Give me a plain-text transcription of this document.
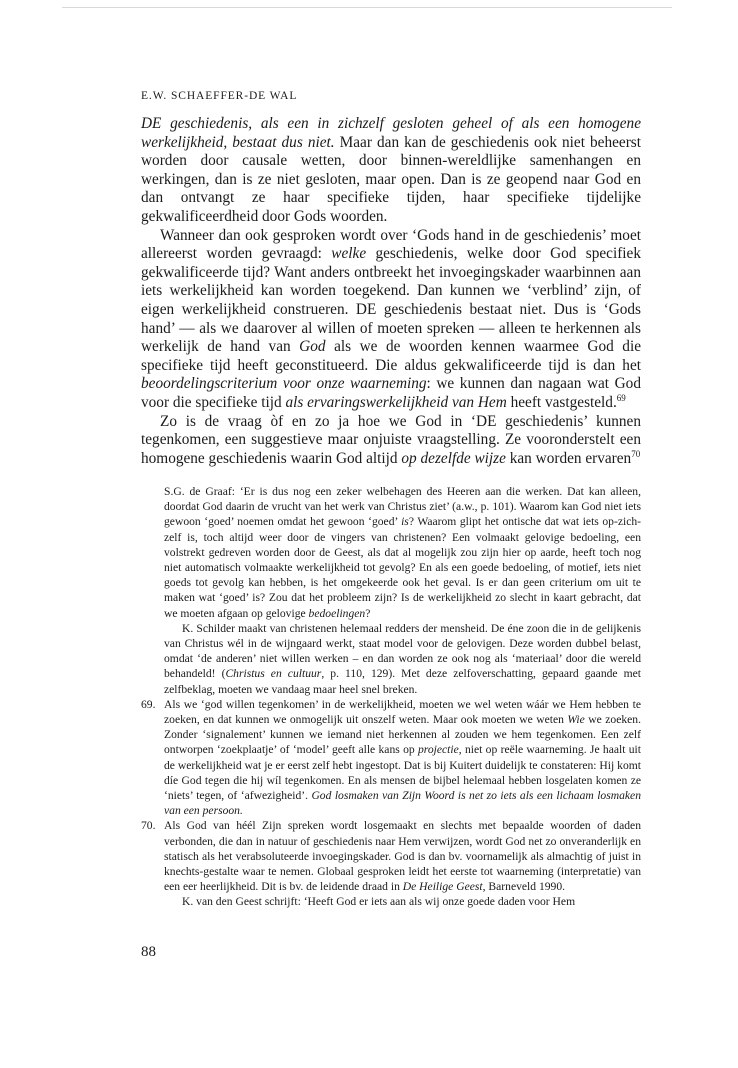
E.W. SCHAEFFER-DE WAL

DE geschiedenis, als een in zichzelf gesloten geheel of als een homogene werkelijkheid, bestaat dus niet. Maar dan kan de geschiedenis ook niet beheerst worden door causale wetten, door binnen-wereldlijke samenhangen en werkingen, dan is ze niet gesloten, maar open. Dan is ze geopend naar God en dan ontvangt ze haar specifieke tijden, haar specifieke tijdelijke gekwalificeerdheid door Gods woorden.

Wanneer dan ook gesproken wordt over ‘Gods hand in de geschiedenis’ moet allereerst worden gevraagd: welke geschiedenis, welke door God specifiek gekwalificeerde tijd? Want anders ontbreekt het invoegingskader waarbinnen aan iets werkelijkheid kan worden toegekend. Dan kunnen we ‘verblind’ zijn, of eigen werkelijkheid construeren. DE geschiedenis bestaat niet. Dus is ‘Gods hand’ — als we daarover al willen of moeten spreken — alleen te herkennen als werkelijk de hand van God als we de woorden kennen waarmee God die specifieke tijd heeft geconstitueerd. Die aldus gekwalificeerde tijd is dan het beoordelingscriterium voor onze waarneming: we kunnen dan nagaan wat God voor die specifieke tijd als ervaringswerkelijkheid van Hem heeft vastgesteld.$^{69}$

Zo is de vraag òf en zo ja hoe we God in ‘DE geschiedenis’ kunnen tegenkomen, een suggestieve maar onjuiste vraagstelling. Ze vooronderstelt een homogene geschiedenis waarin God altijd op dezelfde wijze kan worden ervaren$^{70}$

S.G. de Graaf: ‘Er is dus nog een zeker welbehagen des Heeren aan die werken. Dat kan alleen, doordat God daarin de vrucht van het werk van Christus ziet’ (a.w., p. 101). Waarom kan God niet iets gewoon ‘goed’ noemen omdat het gewoon ‘goed’ is? Waarom glipt het ontische dat wat iets op-zich-zelf is, toch altijd weer door de vingers van christenen? Een volmaakt gelovige bedoeling, een volstrekt gedreven worden door de Geest, als dat al mogelijk zou zijn hier op aarde, heeft toch nog niet automatisch volmaakte werkelijkheid tot gevolg? En als een goede bedoeling, of motief, iets niet goeds tot gevolg kan hebben, is het omgekeerde ook het geval. Is er dan geen criterium om uit te maken wat ‘goed’ is? Zou dat het probleem zijn? Is de werkelijkheid zo slecht in kaart gebracht, dat we moeten afgaan op gelovige bedoelingen?

K. Schilder maakt van christenen helemaal redders der mensheid. De éne zoon die in de gelijkenis van Christus wél in de wijngaard werkt, staat model voor de gelovigen. Deze worden dubbel belast, omdat ‘de anderen’ niet willen werken – en dan worden ze ook nog als ‘materiaal’ door die wereld behandeld! (Christus en cultuur, p. 110, 129). Met deze zelfoverschatting, gepaard gaande met zelfbeklag, moeten we vandaag maar heel snel breken.

69. Als we ‘god willen tegenkomen’ in de werkelijkheid, moeten we wel weten wáár we Hem hebben te zoeken, en dat kunnen we onmogelijk uit onszelf weten. Maar ook moeten we weten Wie we zoeken. Zonder ‘signalement’ kunnen we iemand niet herkennen al zouden we hem tegenkomen. Een zelf ontworpen ‘zoekplaatje’ of ‘model’ geeft alle kans op projectie, niet op reële waarneming. Je haalt uit de werkelijkheid wat je er eerst zelf hebt ingestopt. Dat is bij Kuitert duidelijk te constateren: Hij komt díe God tegen die hij wíl tegenkomen. En als mensen de bijbel helemaal hebben losgelaten komen ze ‘niets’ tegen, of ‘afwezigheid’. God losmaken van Zijn Woord is net zo iets als een lichaam losmaken van een persoon.
70. Als God van héél Zijn spreken wordt losgemaakt en slechts met bepaalde woorden of daden verbonden, die dan in natuur of geschiedenis naar Hem verwijzen, wordt God net zo onveranderlijk en statisch als het verabsoluteerde invoegingskader. God is dan bv. voornamelijk als almachtig of juist in knechts-gestalte waar te nemen. Globaal gesproken leidt het eerste tot waarneming (interpretatie) van een eer heerlijkheid. Dit is bv. de leidende draad in De Heilige Geest, Barneveld 1990.

K. van den Geest schrijft: ‘Heeft God er iets aan als wij onze goede daden voor Hem

88
